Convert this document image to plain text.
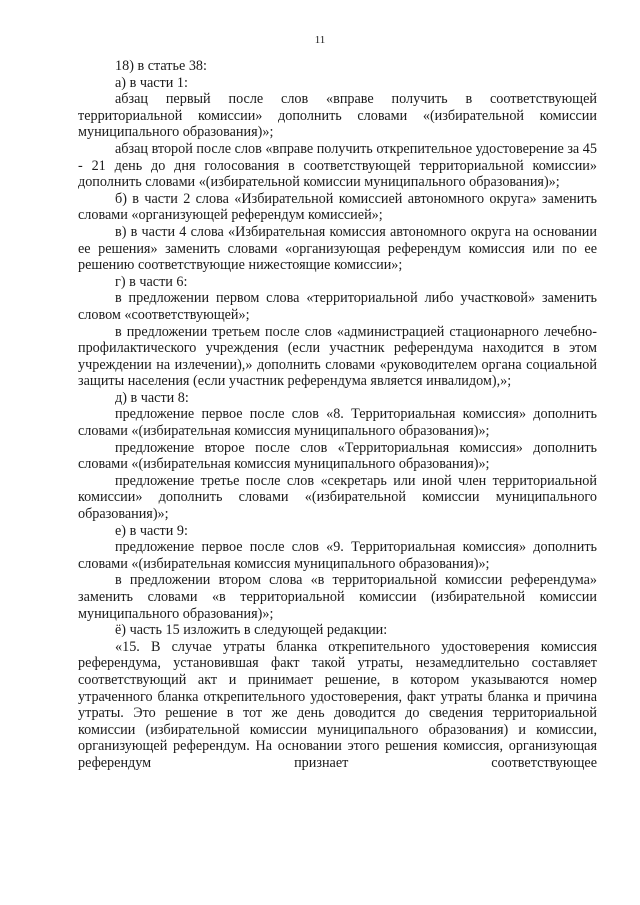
11

18) в статье 38:

а) в части 1:

абзац первый после слов «вправе получить в соответствующей территориальной комиссии» дополнить словами «(избирательной комиссии муниципального образования)»;

абзац второй после слов «вправе получить открепительное удостоверение за 45 - 21 день до дня голосования в соответствующей территориальной комиссии» дополнить словами «(избирательной комиссии муниципального образования)»;

б) в части 2 слова «Избирательной комиссией автономного округа» заменить словами «организующей референдум комиссией»;

в) в части 4 слова «Избирательная комиссия автономного округа на основании ее решения» заменить словами «организующая референдум комиссия или по ее решению соответствующие нижестоящие комиссии»;

г) в части 6:

в предложении первом слова «территориальной либо участковой» заменить словом «соответствующей»;

в предложении третьем после слов «администрацией стационарного лечебно-профилактического учреждения (если участник референдума находится в этом учреждении на излечении),» дополнить словами «руководителем органа социальной защиты населения (если участник референдума является инвалидом),»;

д) в части 8:

предложение первое после слов «8. Территориальная комиссия» дополнить словами «(избирательная комиссия муниципального образования)»;

предложение второе после слов «Территориальная комиссия» дополнить словами «(избирательная комиссия муниципального образования)»;

предложение третье после слов «секретарь или иной член территориальной комиссии» дополнить словами «(избирательной комиссии муниципального образования)»;

е) в части 9:

предложение первое после слов «9. Территориальная комиссия» дополнить словами «(избирательная комиссия муниципального образования)»;

в предложении втором слова «в территориальной комиссии референдума» заменить словами «в территориальной комиссии (избирательной комиссии муниципального образования)»;

ё) часть 15 изложить в следующей редакции:

«15. В случае утраты бланка открепительного удостоверения комиссия референдума, установившая факт такой утраты, незамедлительно составляет соответствующий акт и принимает решение, в котором указываются номер утраченного бланка открепительного удостоверения, факт утраты бланка и причина утраты. Это решение в тот же день доводится до сведения территориальной комиссии (избирательной комиссии муниципального образования) и комиссии, организующей референдум. На основании этого решения комиссия, организующая референдум признает соответствующее
